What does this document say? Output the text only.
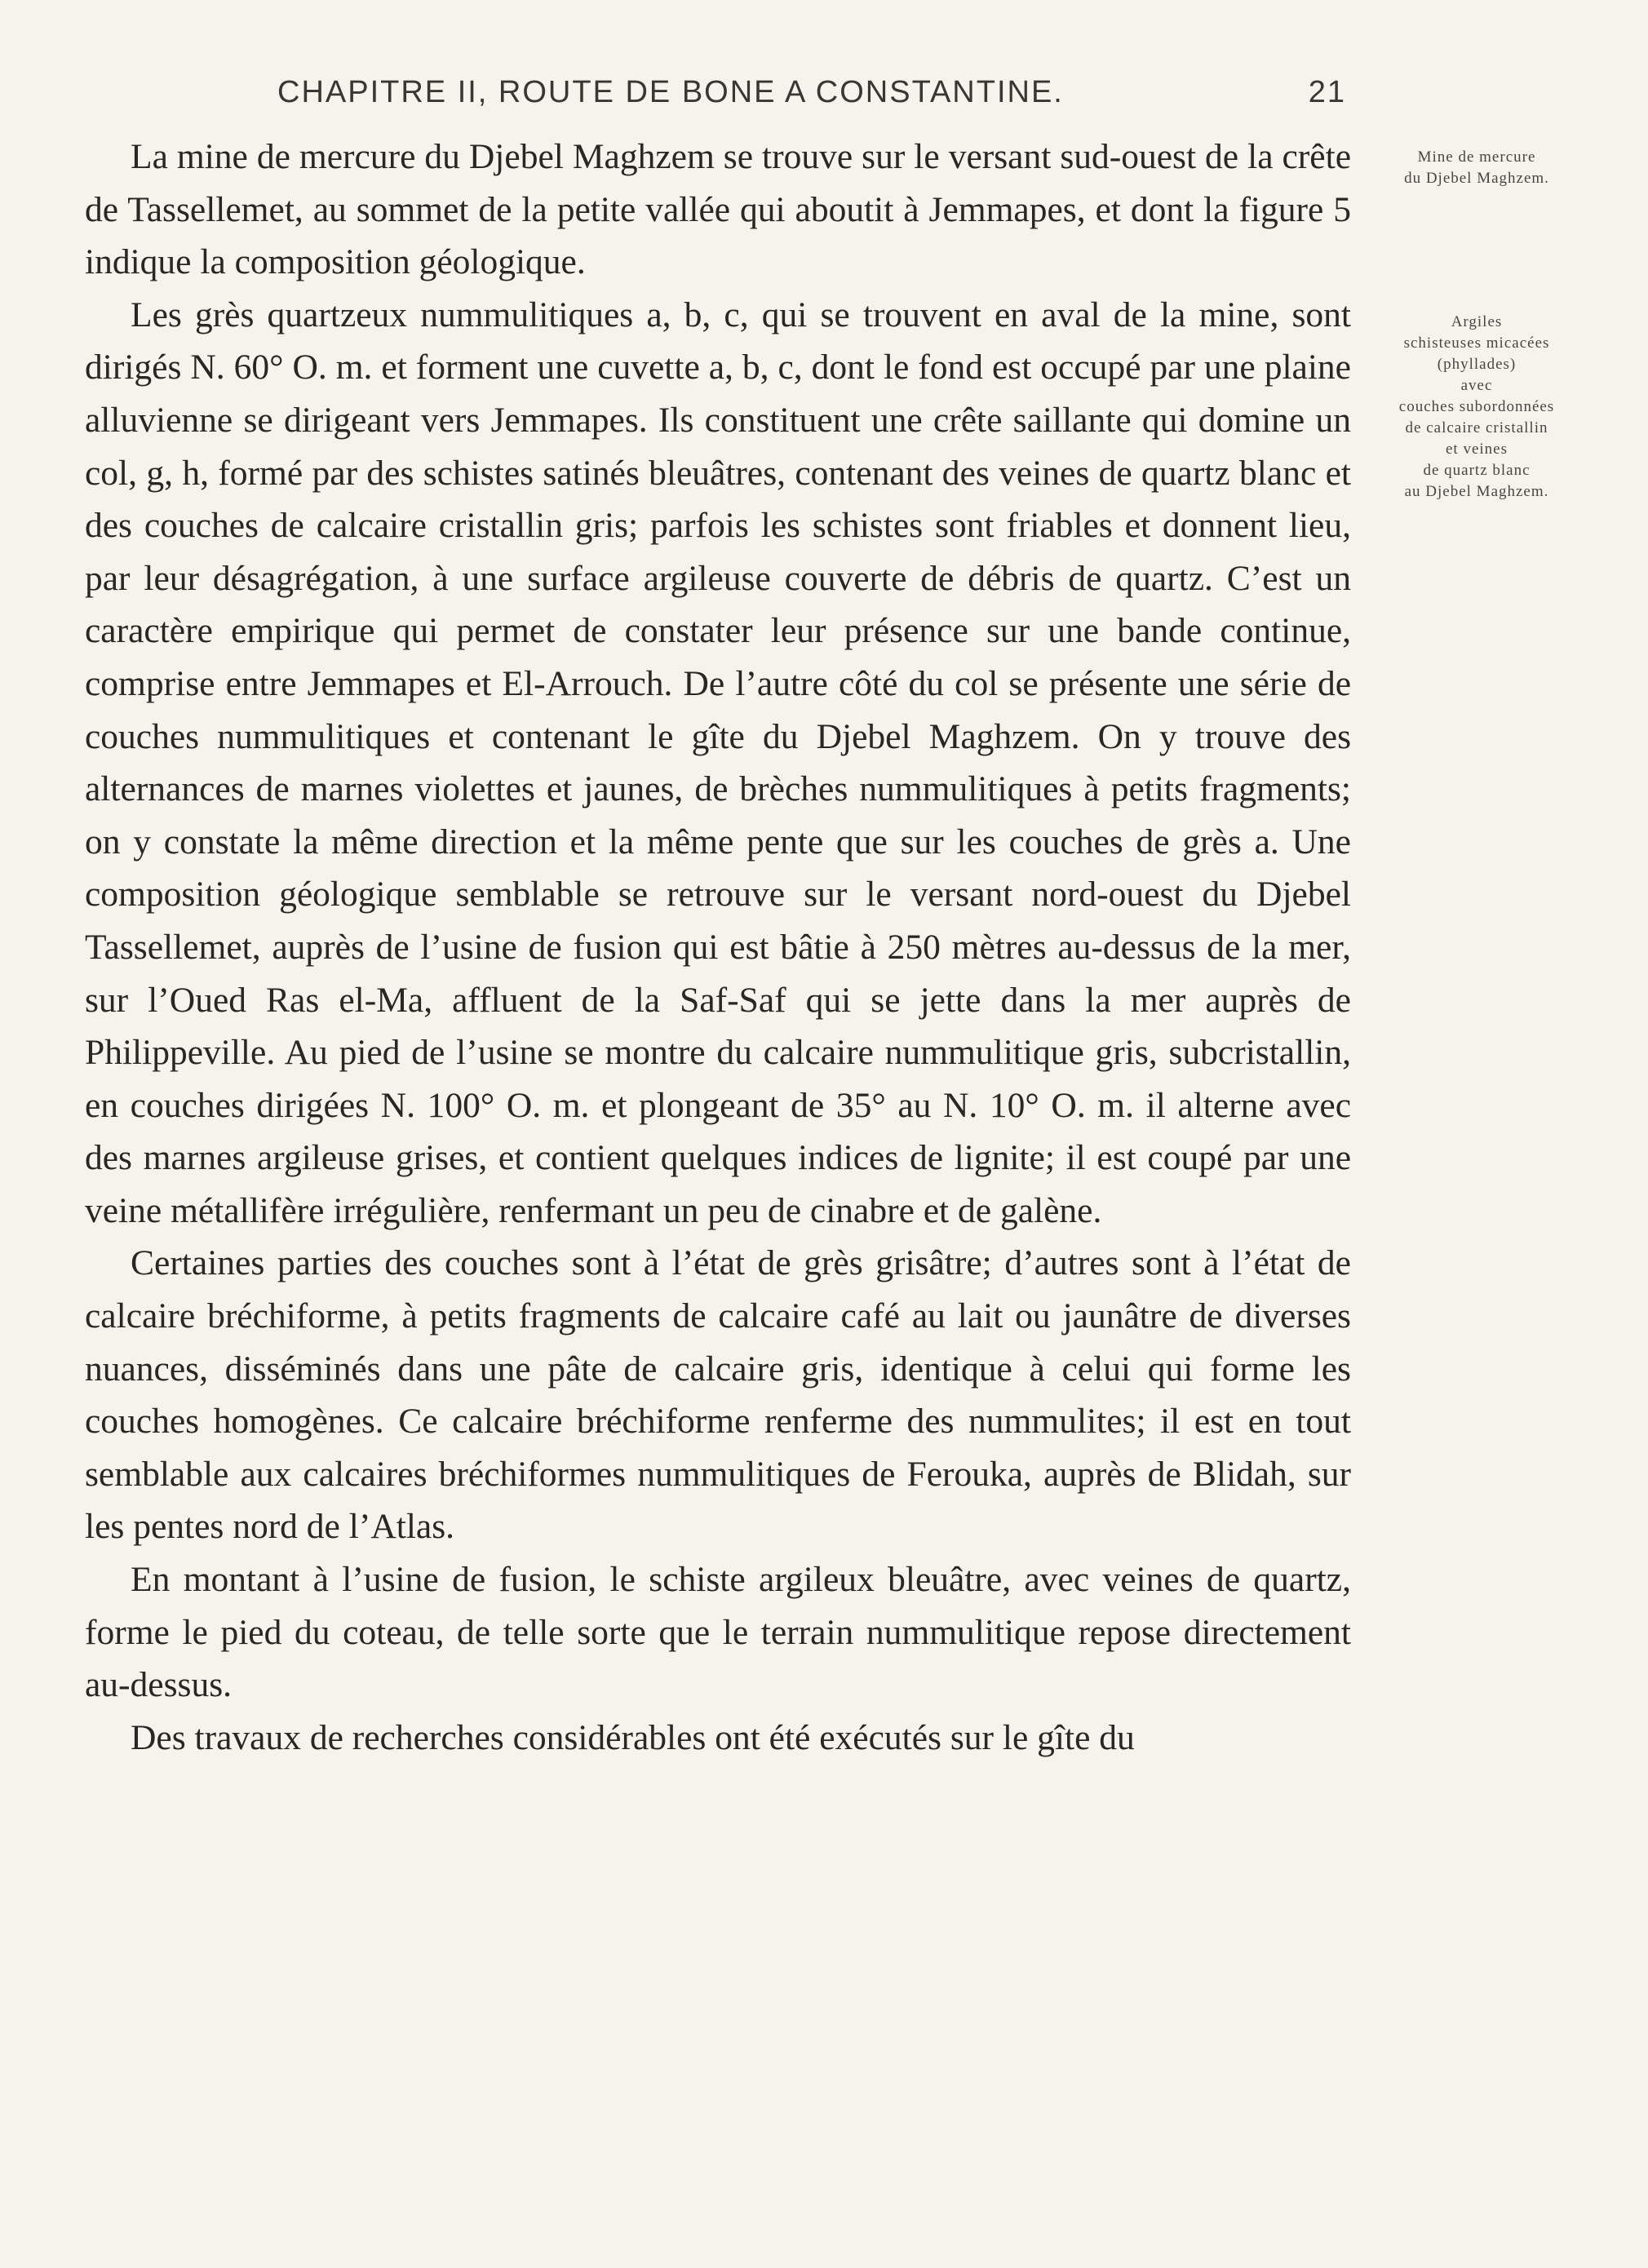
CHAPITRE II, ROUTE DE BONE A CONSTANTINE.	21

La mine de mercure du Djebel Maghzem se trouve sur le versant sud-ouest de la crête de Tassellemet, au sommet de la petite vallée qui aboutit à Jemmapes, et dont la figure 5 indique la composition géologique.

Les grès quartzeux nummulitiques a, b, c, qui se trouvent en aval de la mine, sont dirigés N. 60° O. m. et forment une cuvette a, b, c, dont le fond est occupé par une plaine alluvienne se dirigeant vers Jemmapes. Ils constituent une crête saillante qui domine un col, g, h, formé par des schistes satinés bleuâtres, contenant des veines de quartz blanc et des couches de calcaire cristallin gris; parfois les schistes sont friables et donnent lieu, par leur désagrégation, à une surface argileuse couverte de débris de quartz. C’est un caractère empirique qui permet de constater leur présence sur une bande continue, comprise entre Jemmapes et El-Arrouch. De l’autre côté du col se présente une série de couches nummulitiques et contenant le gîte du Djebel Maghzem. On y trouve des alternances de marnes violettes et jaunes, de brèches nummulitiques à petits fragments; on y constate la même direction et la même pente que sur les couches de grès a. Une composition géologique semblable se retrouve sur le versant nord-ouest du Djebel Tassellemet, auprès de l’usine de fusion qui est bâtie à 250 mètres au-dessus de la mer, sur l’Oued Ras el-Ma, affluent de la Saf-Saf qui se jette dans la mer auprès de Philippeville. Au pied de l’usine se montre du calcaire nummulitique gris, subcristallin, en couches dirigées N. 100° O. m. et plongeant de 35° au N. 10° O. m. il alterne avec des marnes argileuse grises, et contient quelques indices de lignite; il est coupé par une veine métallifère irrégulière, renfermant un peu de cinabre et de galène.

Certaines parties des couches sont à l’état de grès grisâtre; d’autres sont à l’état de calcaire bréchiforme, à petits fragments de calcaire café au lait ou jaunâtre de diverses nuances, disséminés dans une pâte de calcaire gris, identique à celui qui forme les couches homogènes. Ce calcaire bréchiforme renferme des nummulites; il est en tout semblable aux calcaires bréchiformes nummulitiques de Ferouka, auprès de Blidah, sur les pentes nord de l’Atlas.

En montant à l’usine de fusion, le schiste argileux bleuâtre, avec veines de quartz, forme le pied du coteau, de telle sorte que le terrain nummulitique repose directement au-dessus.

Des travaux de recherches considérables ont été exécutés sur le gîte du

Mine de mercure
du Djebel Maghzem.
Argiles
schisteuses micacées
(phyllades)
avec
couches subordonnées
de calcaire cristallin
et veines
de quartz blanc
au Djebel Maghzem.
